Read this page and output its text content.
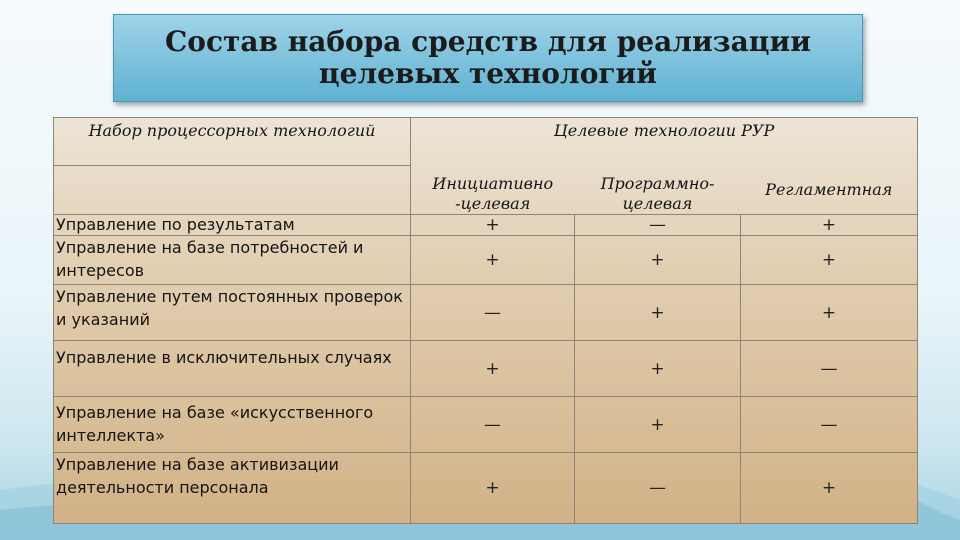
Состав набора средств для реализации целевых технологий
Набор процессорных технологий	Целевые технологии РУР		
	Инициативно -целевая	Программно- целевая	Регламентная
Управление по результатам	+	—	+
Управление на базе потребностей и интересов	+	+	+
Управление путем постоянных проверок и указаний	—	+	+
Управление в исключительных случаях	+	+	—
Управление на базе «искусственного интеллекта»	—	+	—
Управление на базе активизации деятельности персонала	+	—	+
